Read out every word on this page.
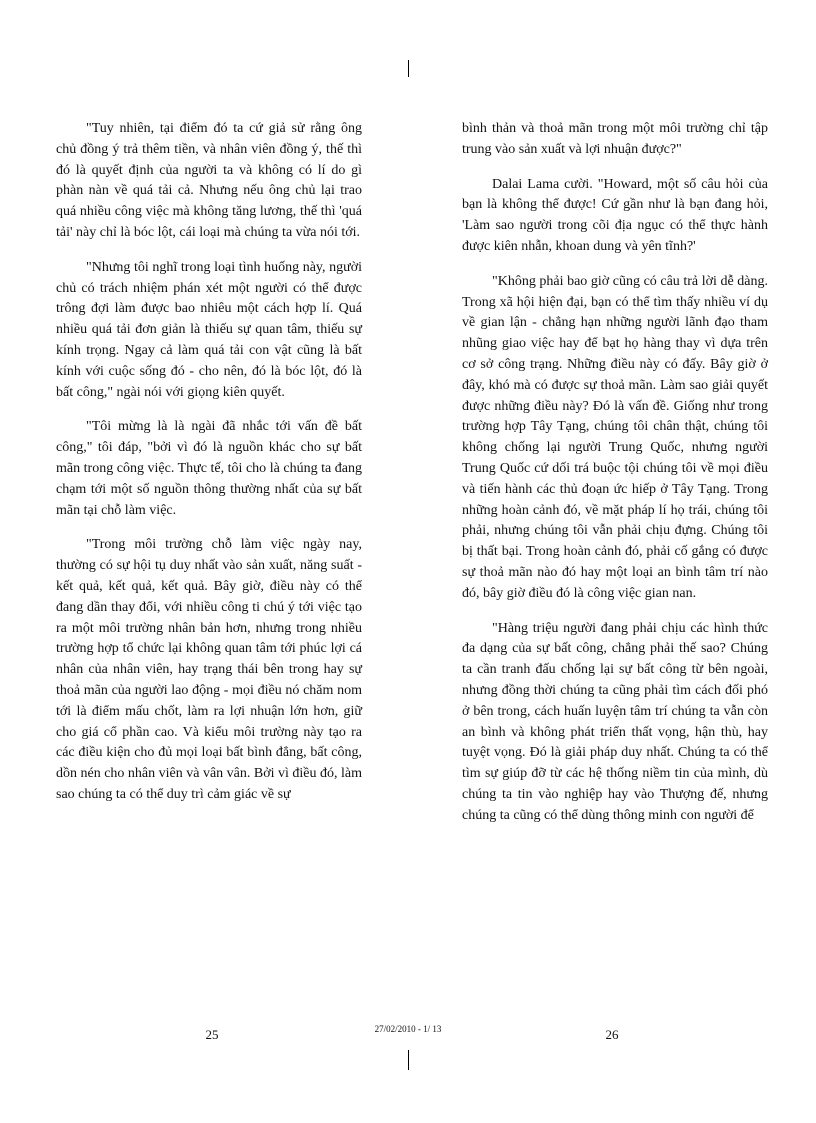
"Tuy nhiên, tại điểm đó ta cứ giả sử rằng ông chủ đồng ý trả thêm tiền, và nhân viên đồng ý, thế thì đó là quyết định của người ta và không có lí do gì phàn nàn về quá tải cả. Nhưng nếu ông chủ lại trao quá nhiều công việc mà không tăng lương, thế thì 'quá tải' này chỉ là bóc lột, cái loại mà chúng ta vừa nói tới.

"Nhưng tôi nghĩ trong loại tình huống này, người chủ có trách nhiệm phán xét một người có thể được trông đợi làm được bao nhiêu một cách hợp lí. Quá nhiều quá tải đơn giản là thiếu sự quan tâm, thiếu sự kính trọng. Ngay cả làm quá tải con vật cũng là bất kính với cuộc sống đó - cho nên, đó là bóc lột, đó là bất công," ngài nói với giọng kiên quyết.

"Tôi mừng là là ngài đã nhắc tới vấn đề bất công," tôi đáp, "bởi vì đó là nguồn khác cho sự bất mãn trong công việc. Thực tế, tôi cho là chúng ta đang chạm tới một số nguồn thông thường nhất của sự bất mãn tại chỗ làm việc.

"Trong môi trường chỗ làm việc ngày nay, thường có sự hội tụ duy nhất vào sản xuất, năng suất - kết quả, kết quả, kết quả. Bây giờ, điều này có thể đang dần thay đổi, với nhiều công ti chú ý tới việc tạo ra một môi trường nhân bản hơn, nhưng trong nhiều trường hợp tổ chức lại không quan tâm tới phúc lợi cá nhân của nhân viên, hay trạng thái bên trong hay sự thoả mãn của người lao động - mọi điều nó chăm nom tới là điểm mấu chốt, làm ra lợi nhuận lớn hơn, giữ cho giá cổ phần cao. Và kiểu môi trường này tạo ra các điều kiện cho đủ mọi loại bất bình đẳng, bất công, dồn nén cho nhân viên và vân vân. Bởi vì điều đó, làm sao chúng ta có thể duy trì cảm giác về sự

bình thản và thoả mãn trong một môi trường chỉ tập trung vào sản xuất và lợi nhuận được?"

Dalai Lama cười. "Howard, một số câu hỏi của bạn là không thể được! Cứ gần như là bạn đang hỏi, 'Làm sao người trong cõi địa ngục có thể thực hành được kiên nhẫn, khoan dung và yên tĩnh?'

"Không phải bao giờ cũng có câu trả lời dễ dàng. Trong xã hội hiện đại, bạn có thể tìm thấy nhiều ví dụ về gian lận - chẳng hạn những người lãnh đạo tham nhũng giao việc hay để bạt họ hàng thay vì dựa trên cơ sở công trạng. Những điều này có đấy. Bây giờ ở đây, khó mà có được sự thoả mãn. Làm sao giải quyết được những điều này? Đó là vấn đề. Giống như trong trường hợp Tây Tạng, chúng tôi chân thật, chúng tôi không chống lại người Trung Quốc, nhưng người Trung Quốc cứ dối trá buộc tội chúng tôi về mọi điều và tiến hành các thủ đoạn ức hiếp ở Tây Tạng. Trong những hoàn cảnh đó, về mặt pháp lí họ trái, chúng tôi phải, nhưng chúng tôi vẫn phải chịu đựng. Chúng tôi bị thất bại. Trong hoàn cảnh đó, phải cố gắng có được sự thoả mãn nào đó hay một loại an bình tâm trí nào đó, bây giờ điều đó là công việc gian nan.

"Hàng triệu người đang phải chịu các hình thức đa dạng của sự bất công, chẳng phải thế sao? Chúng ta cần tranh đấu chống lại sự bất công từ bên ngoài, nhưng đồng thời chúng ta cũng phải tìm cách đối phó ở bên trong, cách huấn luyện tâm trí chúng ta vẫn còn an bình và không phát triển thất vọng, hận thù, hay tuyệt vọng. Đó là giải pháp duy nhất. Chúng ta có thể tìm sự giúp đỡ từ các hệ thống niềm tin của mình, dù chúng ta tin vào nghiệp hay vào Thượng đế, nhưng chúng ta cũng có thể dùng thông minh con người để

25	27/02/2010 - 1/ 13	26
